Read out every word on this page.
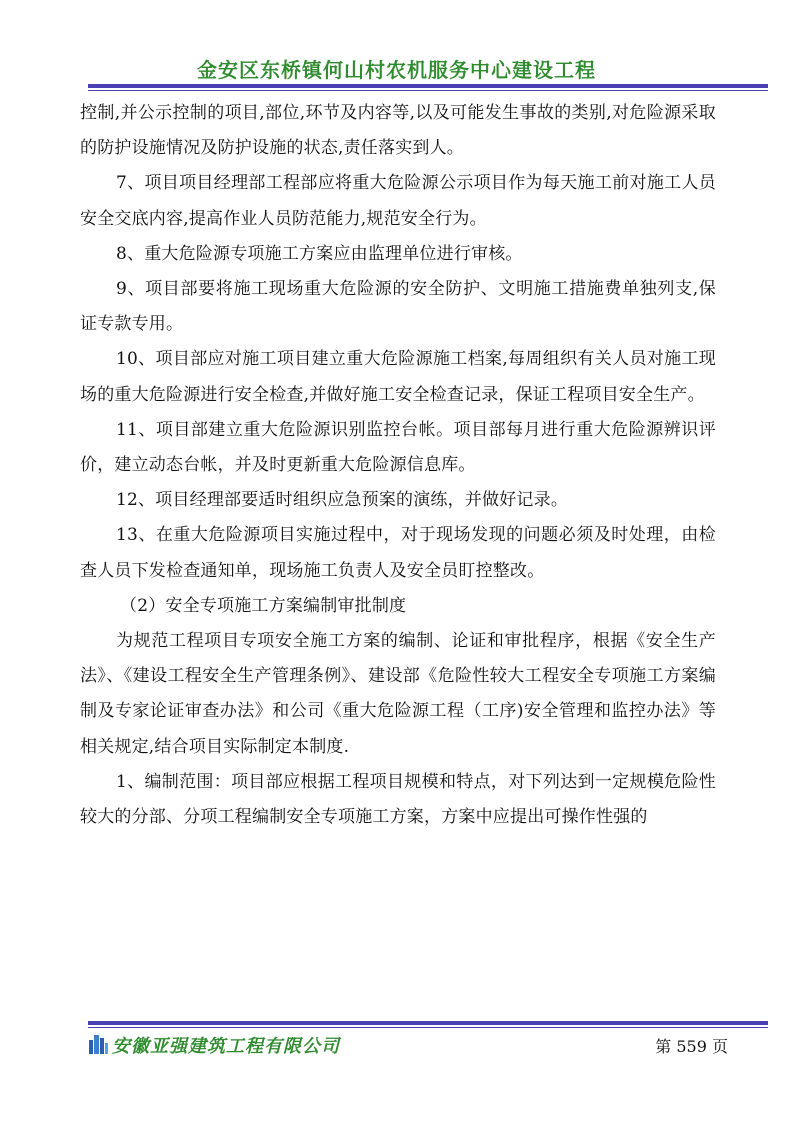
金安区东桥镇何山村农机服务中心建设工程

控制,并公示控制的项目,部位,环节及内容等,以及可能发生事故的类别,对危险源采取的防护设施情况及防护设施的状态,责任落实到人。

7、项目项目经理部工程部应将重大危险源公示项目作为每天施工前对施工人员安全交底内容,提高作业人员防范能力,规范安全行为。

8、重大危险源专项施工方案应由监理单位进行审核。

9、项目部要将施工现场重大危险源的安全防护、文明施工措施费单独列支,保证专款专用。

10、项目部应对施工项目建立重大危险源施工档案,每周组织有关人员对施工现场的重大危险源进行安全检查,并做好施工安全检查记录，保证工程项目安全生产。

11、项目部建立重大危险源识别监控台帐。项目部每月进行重大危险源辨识评价，建立动态台帐，并及时更新重大危险源信息库。

12、项目经理部要适时组织应急预案的演练，并做好记录。

13、在重大危险源项目实施过程中，对于现场发现的问题必须及时处理，由检查人员下发检查通知单，现场施工负责人及安全员盯控整改。

（2）安全专项施工方案编制审批制度

为规范工程项目专项安全施工方案的编制、论证和审批程序，根据《安全生产法》、《建设工程安全生产管理条例》、建设部《危险性较大工程安全专项施工方案编制及专家论证审查办法》和公司《重大危险源工程（工序)安全管理和监控办法》等相关规定,结合项目实际制定本制度.

1、编制范围：项目部应根据工程项目规模和特点，对下列达到一定规模危险性较大的分部、分项工程编制安全专项施工方案，方案中应提出可操作性强的

安徽亚强建筑工程有限公司	第 559 页
